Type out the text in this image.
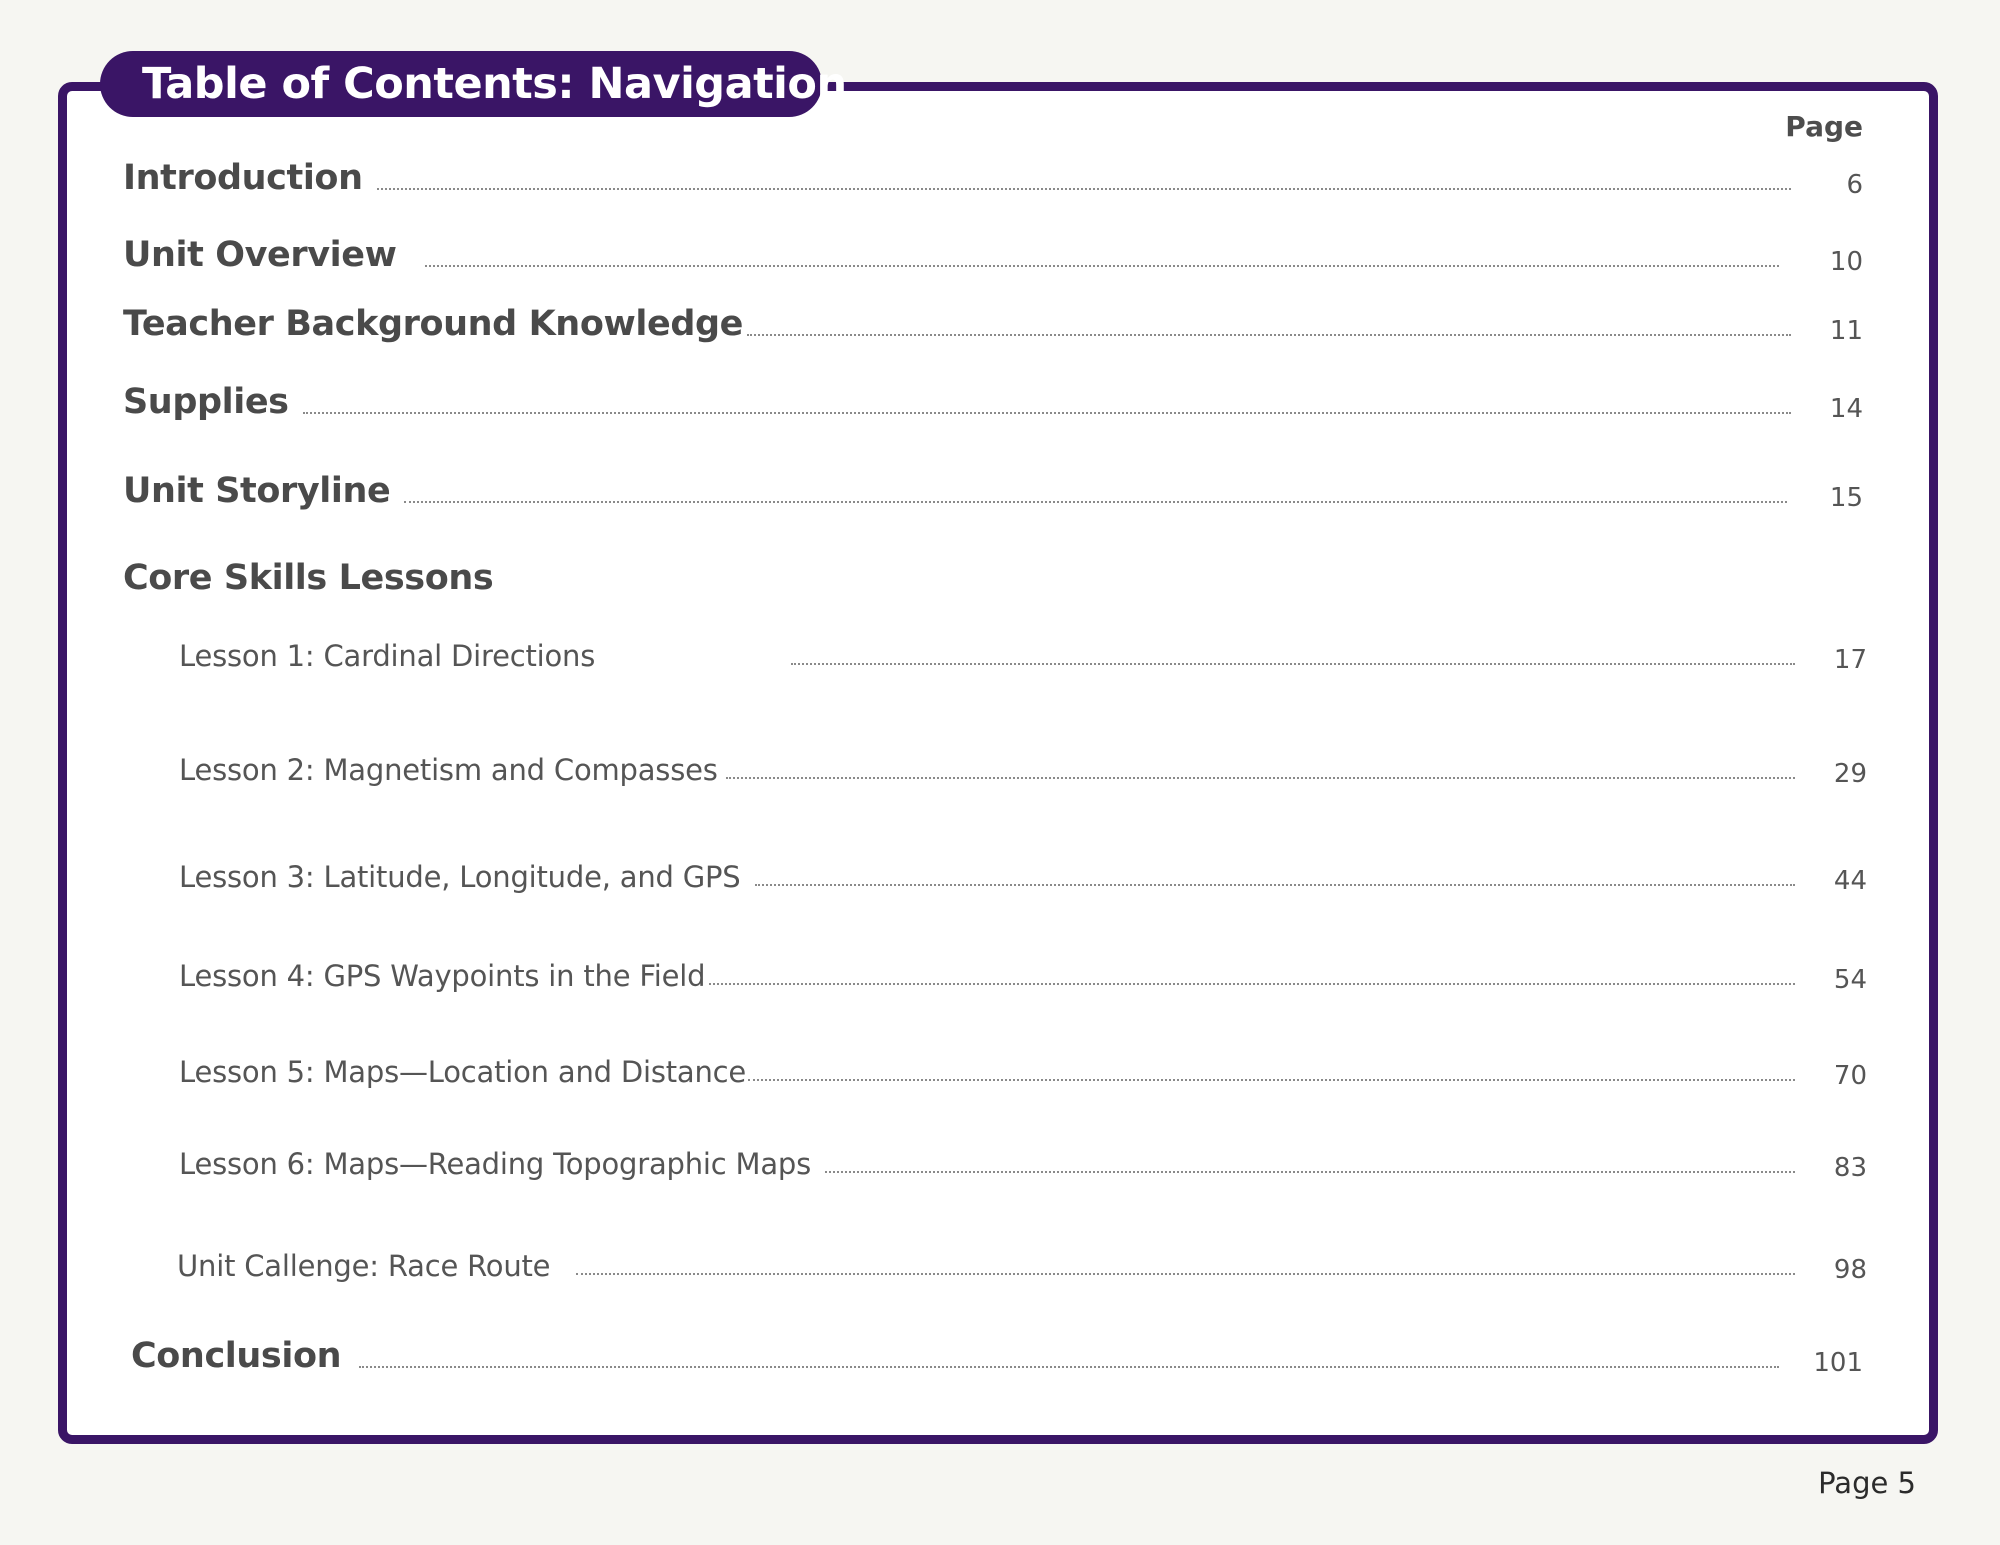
Table of Contents: Navigation
Page
Introduction	6
Unit Overview	10
Teacher Background Knowledge	11
Supplies	14
Unit Storyline	15
Core Skills Lessons
Lesson 1: Cardinal Directions	17
Lesson 2: Magnetism and Compasses	29
Lesson 3: Latitude, Longitude, and GPS	44
Lesson 4: GPS Waypoints in the Field	54
Lesson 5: Maps—Location and Distance	70
Lesson 6: Maps—Reading Topographic Maps	83
Unit Callenge: Race Route	98
Conclusion	101
Page 5
